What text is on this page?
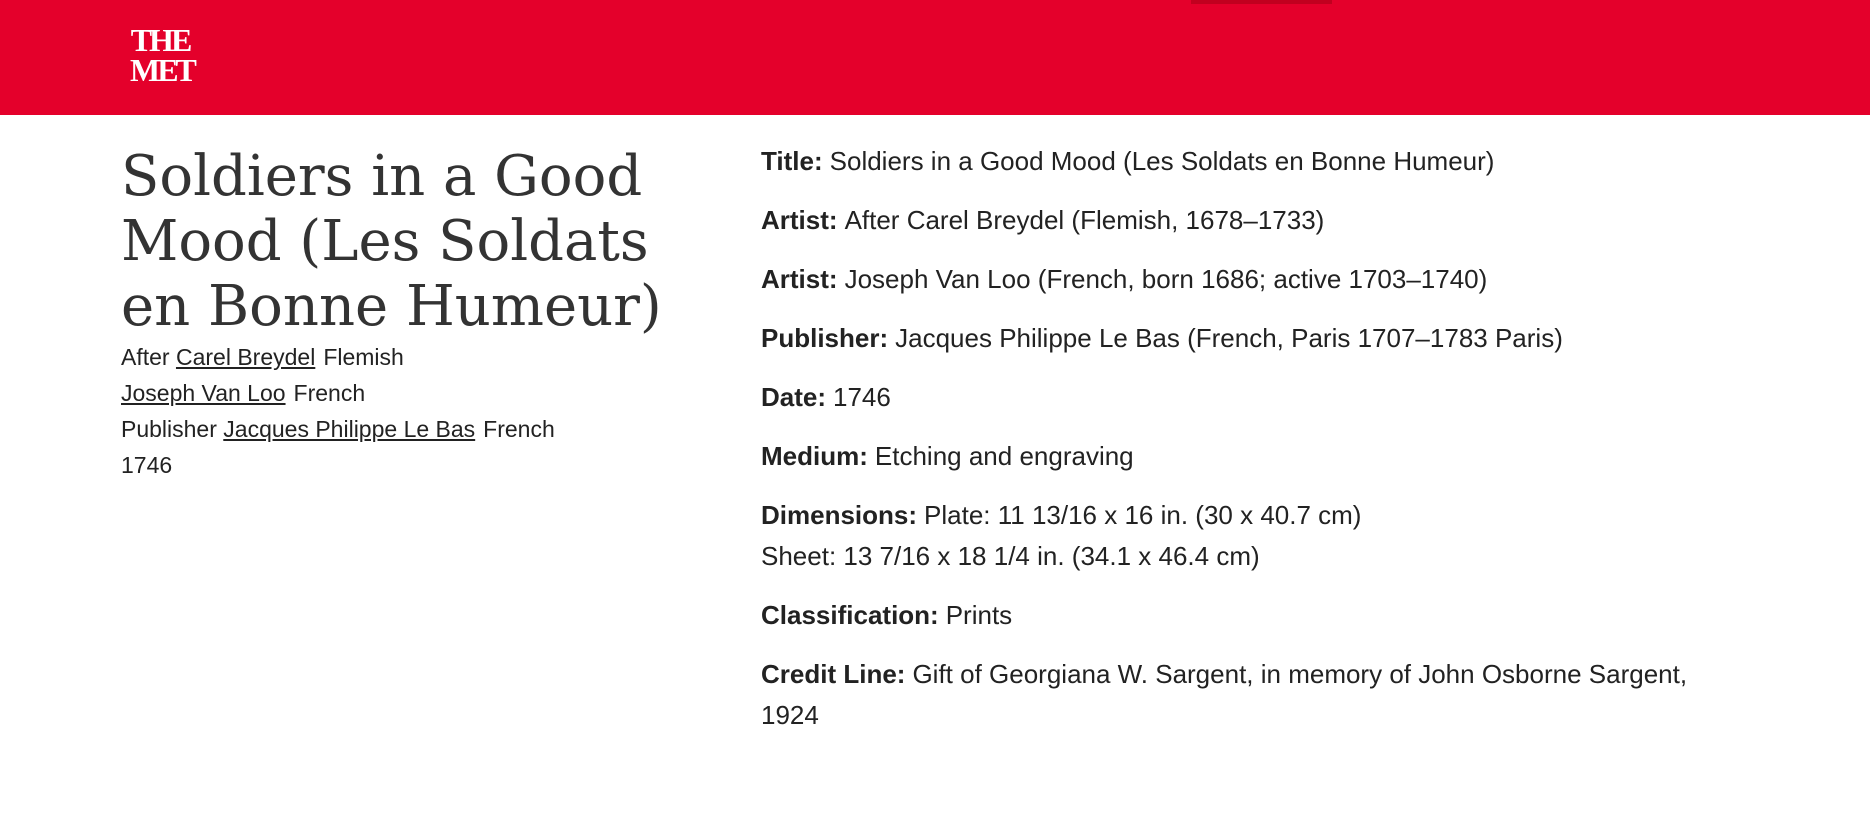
THE
MET
Soldiers in a Good Mood (Les Soldats en Bonne Humeur)
After Carel Breydel Flemish
Joseph Van Loo French
Publisher Jacques Philippe Le Bas French
1746
Title: Soldiers in a Good Mood (Les Soldats en Bonne Humeur)
Artist: After Carel Breydel (Flemish, 1678–1733)
Artist: Joseph Van Loo (French, born 1686; active 1703–1740)
Publisher: Jacques Philippe Le Bas (French, Paris 1707–1783 Paris)
Date: 1746
Medium: Etching and engraving
Dimensions: Plate: 11 13/16 x 16 in. (30 x 40.7 cm)
Sheet: 13 7/16 x 18 1/4 in. (34.1 x 46.4 cm)
Classification: Prints
Credit Line: Gift of Georgiana W. Sargent, in memory of John Osborne Sargent, 1924
